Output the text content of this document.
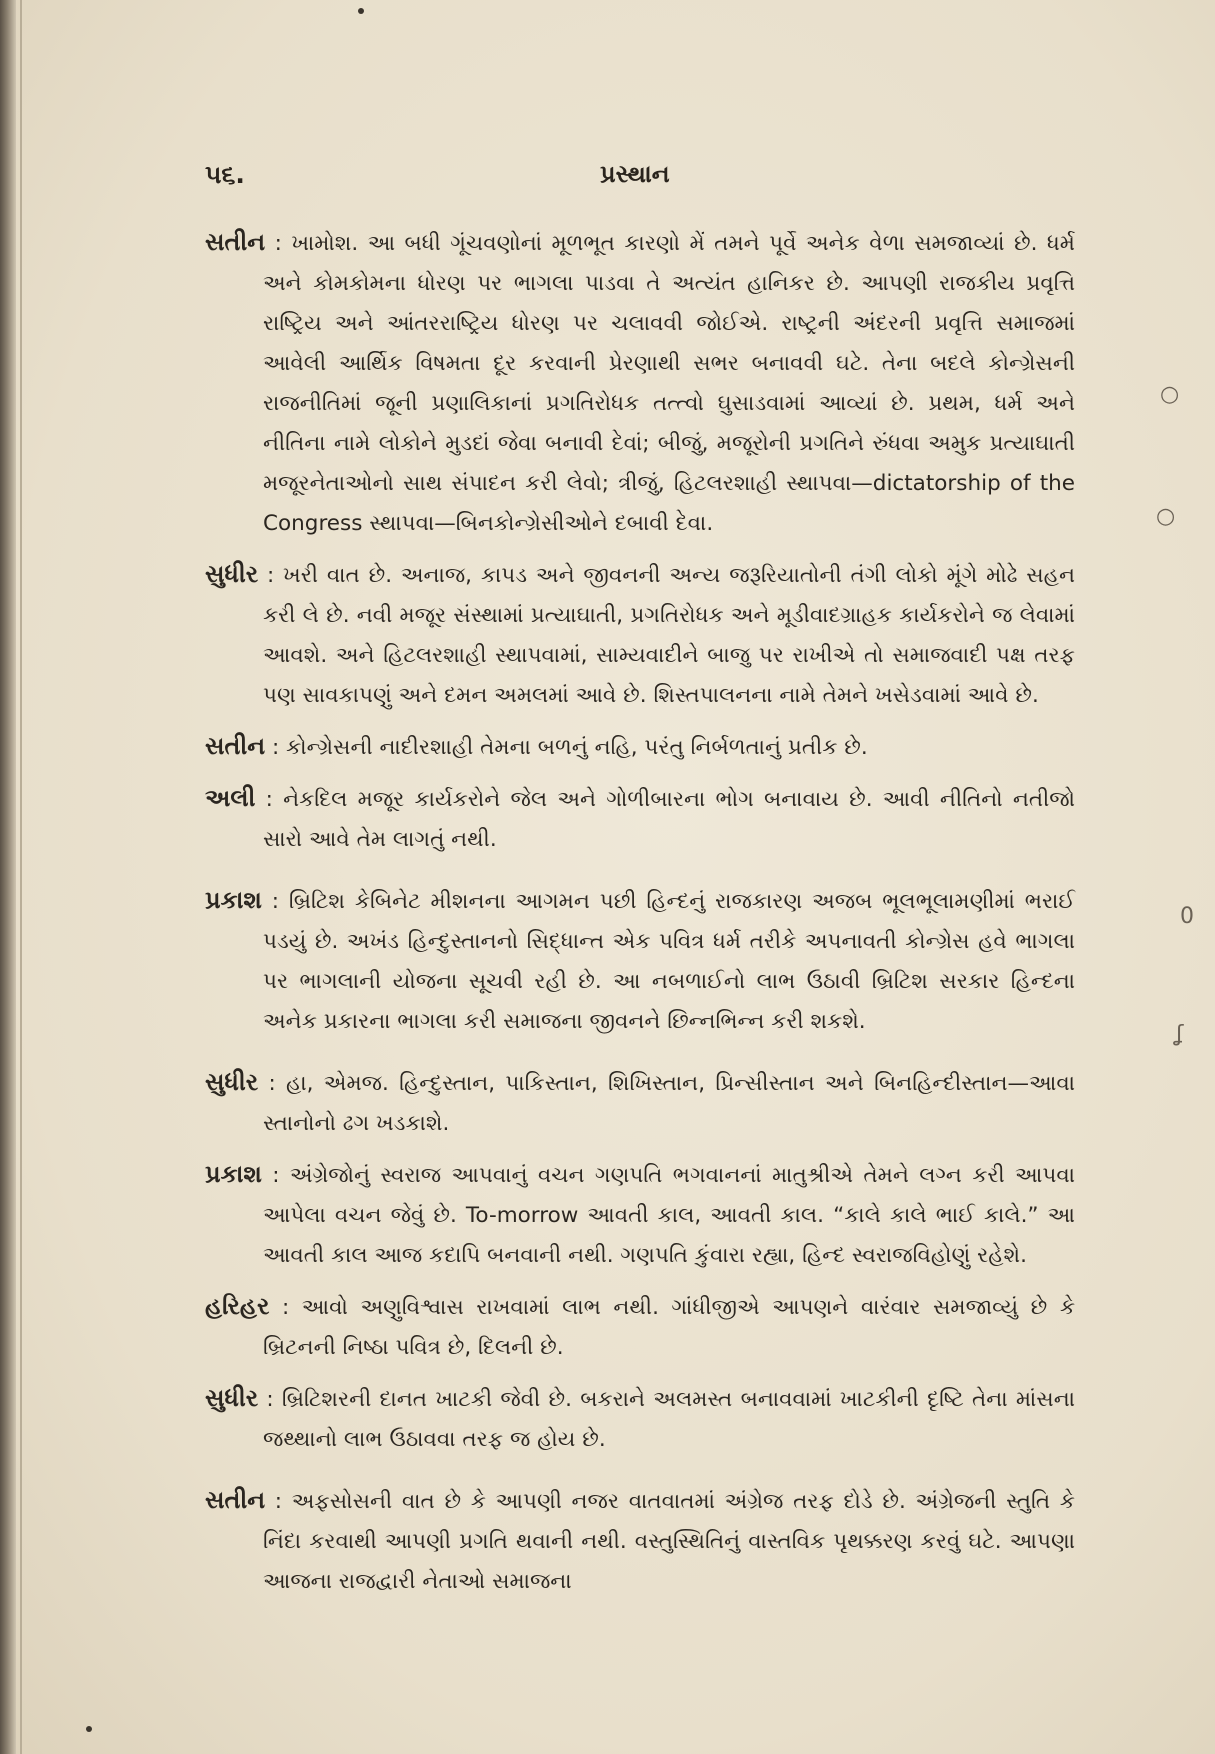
○
○
0
ʆ
૫૬.	પ્રસ્થાન

સતીન : ખામોશ. આ બધી ગૂંચવણોનાં મૂળભૂત કારણો મેં તમને પૂર્વે અનેક વેળા સમજાવ્યાં છે. ધર્મ અને કોમકોમના ધોરણ પર ભાગલા પાડવા તે અત્યંત હાનિકર છે. આપણી રાજકીય પ્રવૃત્તિ રાષ્ટ્રિય અને આંતરરાષ્ટ્રિય ધોરણ પર ચલાવવી જોઈએ. રાષ્ટ્રની અંદરની પ્રવૃત્તિ સમાજમાં આવેલી આર્થિક વિષમતા દૂર કરવાની પ્રેરણાથી સભર બનાવવી ઘટે. તેના બદલે કોન્ગ્રેસની રાજનીતિમાં જૂની પ્રણાલિકાનાં પ્રગતિરોધક તત્ત્વો ઘુસાડવામાં આવ્યાં છે. પ્રથમ, ધર્મ અને નીતિના નામે લોકોને મુડદાં જેવા બનાવી દેવાં; બીજું, મજૂરોની પ્રગતિને રુંધવા અમુક પ્રત્યાઘાતી મજૂરનેતાઓનો સાથ સંપાદન કરી લેવો; ત્રીજું, હિટલરશાહી સ્થાપવા—dictatorship of the Congress સ્થાપવા—બિનકોન્ગ્રેસીઓને દબાવી દેવા.

સુધીર : ખરી વાત છે. અનાજ, કાપડ અને જીવનની અન્ય જરૂરિયાતોની તંગી લોકો મૂંગે મોઢે સહન કરી લે છે. નવી મજૂર સંસ્થામાં પ્રત્યાઘાતી, પ્રગતિરોધક અને મૂડીવાદગ્રાહક કાર્યકરોને જ લેવામાં આવશે. અને હિટલરશાહી સ્થાપવામાં, સામ્યવાદીને બાજુ પર રાખીએ તો સમાજવાદી પક્ષ તરફ પણ સાવકાપણું અને દમન અમલમાં આવે છે. શિસ્તપાલનના નામે તેમને ખસેડવામાં આવે છે.

સતીન : કોન્ગ્રેસની નાદીરશાહી તેમના બળનું નહિ, પરંતુ નિર્બળતાનું પ્રતીક છે.

અલી : નેકદિલ મજૂર કાર્યકરોને જેલ અને ગોળીબારના ભોગ બનાવાય છે. આવી નીતિનો નતીજો સારો આવે તેમ લાગતું નથી.

પ્રકાશ : બ્રિટિશ કેબિનેટ મીશનના આગમન પછી હિન્દનું રાજકારણ અજબ ભૂલભૂલામણીમાં ભરાઈ પડયું છે. અખંડ હિન્દુસ્તાનનો સિદ્ધાન્ત એક પવિત્ર ધર્મ તરીકે અપનાવતી કોન્ગ્રેસ હવે ભાગલા પર ભાગલાની યોજના સૂચવી રહી છે. આ નબળાઈનો લાભ ઉઠાવી બ્રિટિશ સરકાર હિન્દના અનેક પ્રકારના ભાગલા કરી સમાજના જીવનને છિન્નભિન્ન કરી શકશે.

સુધીર : હા, એમજ. હિન્દુસ્તાન, પાકિસ્તાન, શિખિસ્તાન, પ્રિન્સીસ્તાન અને બિનહિન્દીસ્તાન—આવા સ્તાનોનો ઢગ ખડકાશે.

પ્રકાશ : અંગ્રેજોનું સ્વરાજ આપવાનું વચન ગણપતિ ભગવાનનાં માતુશ્રીએ તેમને લગ્ન કરી આપવા આપેલા વચન જેવું છે. To-morrow આવતી કાલ, આવતી કાલ. “કાલે કાલે ભાઈ કાલે.” આ આવતી કાલ આજ કદાપિ બનવાની નથી. ગણપતિ કુંવારા રહ્યા, હિન્દ સ્વરાજવિહોણું રહેશે.

હરિહર : આવો અણુવિશ્વાસ રાખવામાં લાભ નથી. ગાંધીજીએ આપણને વારંવાર સમજાવ્યું છે કે બ્રિટનની નિષ્ઠા પવિત્ર છે, દિલની છે.

સુધીર : બ્રિટિશરની દાનત ખાટકી જેવી છે. બકરાને અલમસ્ત બનાવવામાં ખાટકીની દૃષ્ટિ તેના માંસના જથ્થાનો લાભ ઉઠાવવા તરફ જ હોય છે.

સતીન : અફસોસની વાત છે કે આપણી નજર વાતવાતમાં અંગ્રેજ તરફ દોડે છે. અંગ્રેજની સ્તુતિ કે નિંદા કરવાથી આપણી પ્રગતિ થવાની નથી. વસ્તુસ્થિતિનું વાસ્તવિક પૃથક્કરણ કરવું ઘટે. આપણા આજના રાજદ્વારી નેતાઓ સમાજના
